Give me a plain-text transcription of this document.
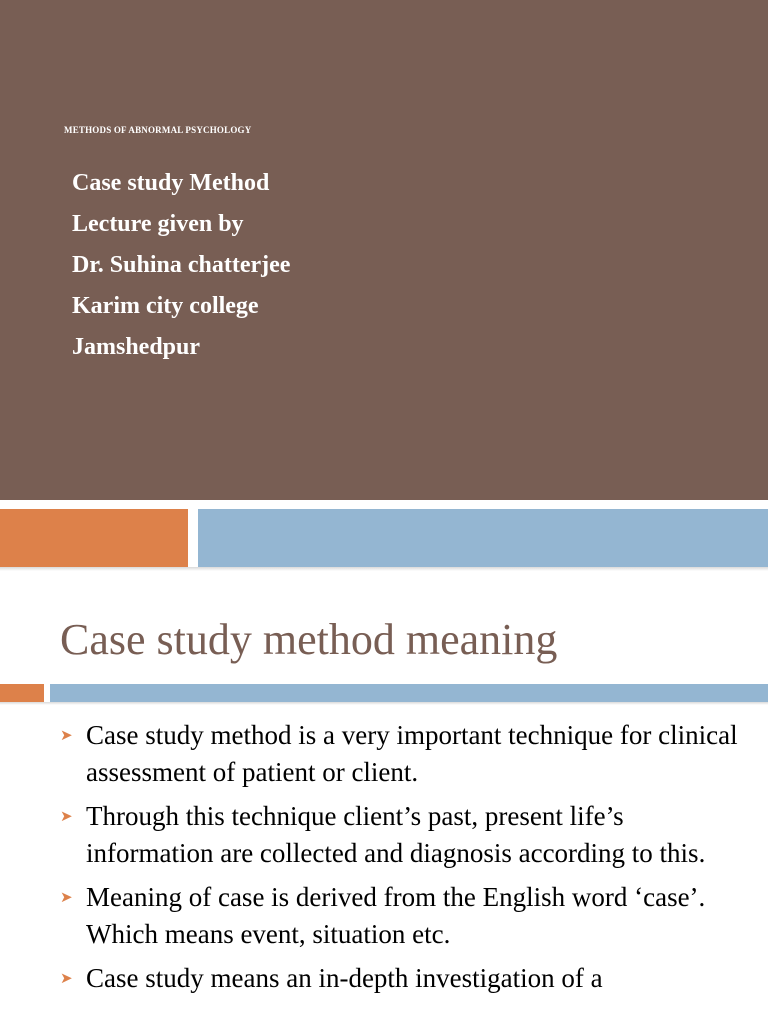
METHODS OF ABNORMAL PSYCHOLOGY
Case study Method
Lecture given by
Dr. Suhina chatterjee
Karim city college
Jamshedpur
Case study method meaning
➤ Case study method is a very important technique for clinical assessment of patient or client.
➤ Through this technique client’s past, present life’s information are collected and diagnosis according to this.
➤ Meaning of case is derived from the English word ‘case’. Which means event, situation etc.
➤ Case study means an in-depth investigation of a
